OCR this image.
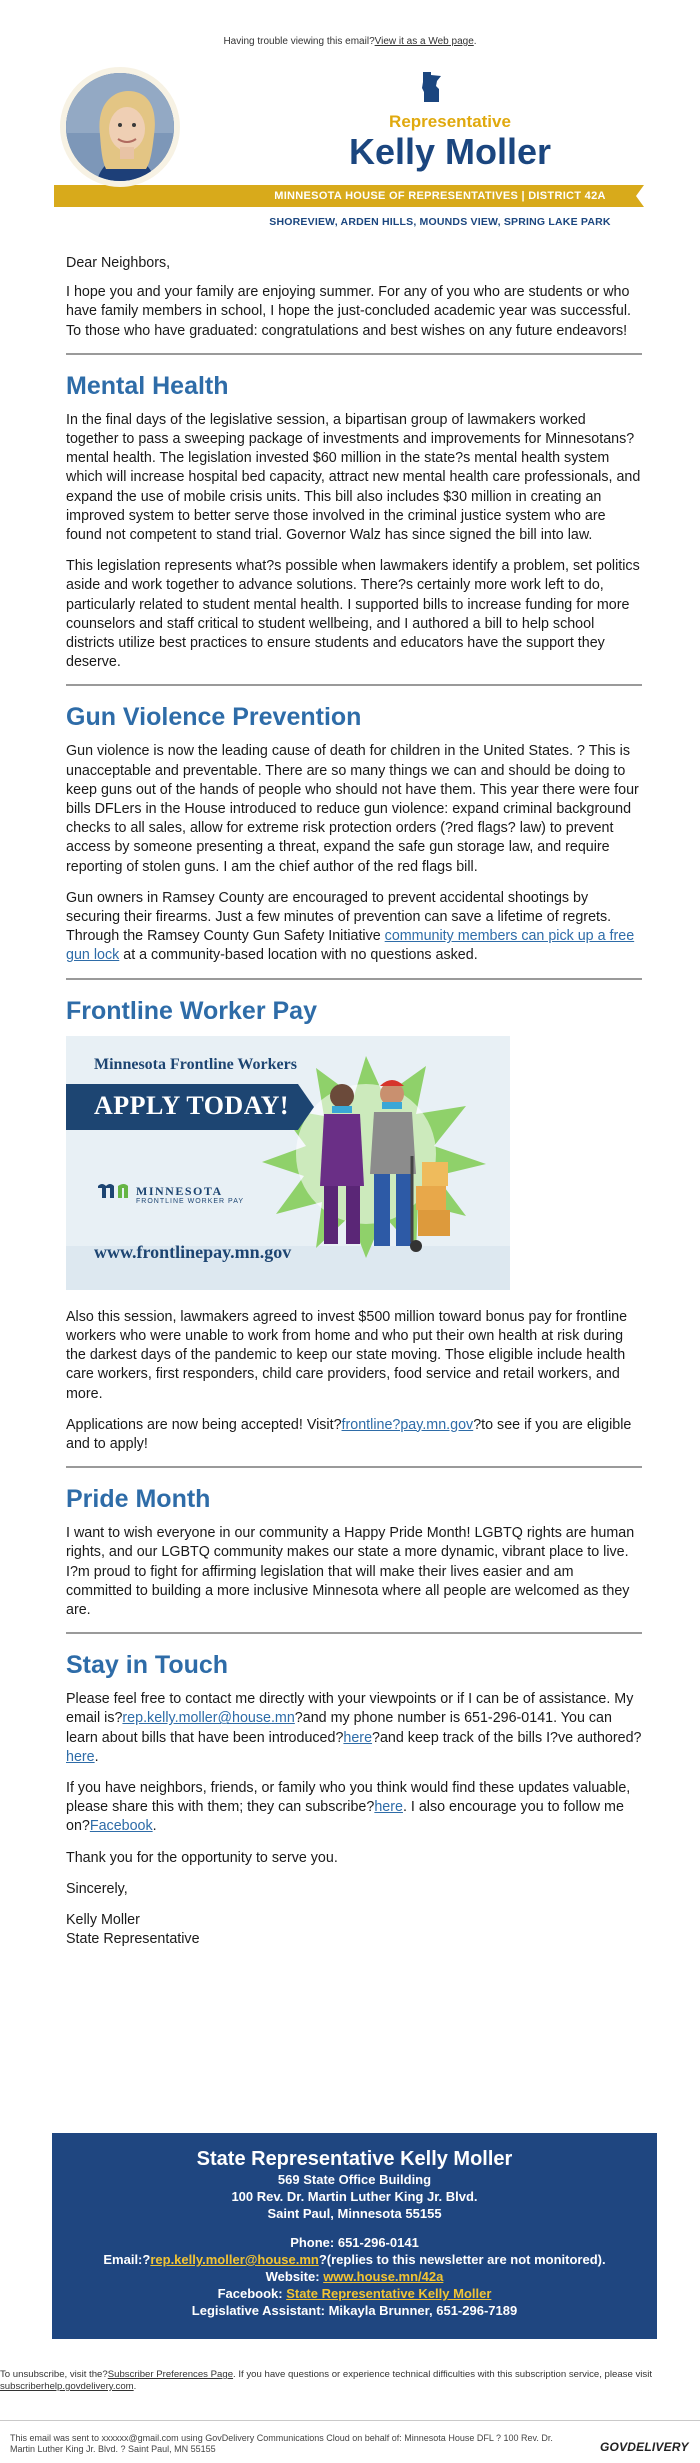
Having trouble viewing this email?View it as a Web page.
Representative
Kelly Moller
MINNESOTA HOUSE OF REPRESENTATIVES | DISTRICT 42A
SHOREVIEW, ARDEN HILLS, MOUNDS VIEW, SPRING LAKE PARK

Dear Neighbors,

I hope you and your family are enjoying summer. For any of you who are students or who have family members in school, I hope the just-concluded academic year was successful. To those who have graduated: congratulations and best wishes on any future endeavors!

Mental Health

In the final days of the legislative session, a bipartisan group of lawmakers worked together to pass a sweeping package of investments and improvements for Minnesotans? mental health. The legislation invested $60 million in the state?s mental health system which will increase hospital bed capacity, attract new mental health care professionals, and expand the use of mobile crisis units. This bill also includes $30 million in creating an improved system to better serve those involved in the criminal justice system who are found not competent to stand trial. Governor Walz has since signed the bill into law.

This legislation represents what?s possible when lawmakers identify a problem, set politics aside and work together to advance solutions. There?s certainly more work left to do, particularly related to student mental health. I supported bills to increase funding for more counselors and staff critical to student wellbeing, and I authored a bill to help school districts utilize best practices to ensure students and educators have the support they deserve.

Gun Violence Prevention

Gun violence is now the leading cause of death for children in the United States. ? This is unacceptable and preventable. There are so many things we can and should be doing to keep guns out of the hands of people who should not have them. This year there were four bills DFLers in the House introduced to reduce gun violence: expand criminal background checks to all sales, allow for extreme risk protection orders (?red flags? law) to prevent access by someone presenting a threat, expand the safe gun storage law, and require reporting of stolen guns. I am the chief author of the red flags bill.

Gun owners in Ramsey County are encouraged to prevent accidental shootings by securing their firearms. Just a few minutes of prevention can save a lifetime of regrets. Through the Ramsey County Gun Safety Initiative community members can pick up a free gun lock at a community-based location with no questions asked.

Frontline Worker Pay
Minnesota Frontline Workers
APPLY TODAY!
MINNESOTA
FRONTLINE WORKER PAY
www.frontlinepay.mn.gov

Also this session, lawmakers agreed to invest $500 million toward bonus pay for frontline workers who were unable to work from home and who put their own health at risk during the darkest days of the pandemic to keep our state moving. Those eligible include health care workers, first responders, child care providers, food service and retail workers, and more.

Applications are now being accepted! Visit?frontline?pay.mn.gov?to see if you are eligible and to apply!

Pride Month

I want to wish everyone in our community a Happy Pride Month! LGBTQ rights are human rights, and our LGBTQ community makes our state a more dynamic, vibrant place to live. I?m proud to fight for affirming legislation that will make their lives easier and am committed to building a more inclusive Minnesota where all people are welcomed as they are.

Stay in Touch

Please feel free to contact me directly with your viewpoints or if I can be of assistance. My email is?rep.kelly.moller@house.mn?and my phone number is 651-296-0141. You can learn about bills that have been introduced?here?and keep track of the bills I?ve authored?here.

If you have neighbors, friends, or family who you think would find these updates valuable, please share this with them; they can subscribe?here. I also encourage you to follow me on?Facebook.

Thank you for the opportunity to serve you.

Sincerely,

Kelly Moller
State Representative

State Representative Kelly Moller
569 State Office Building
100 Rev. Dr. Martin Luther King Jr. Blvd.
Saint Paul, Minnesota 55155
Phone: 651-296-0141
Email:?rep.kelly.moller@house.mn?(replies to this newsletter are not monitored).
Website: www.house.mn/42a
Facebook: State Representative Kelly Moller
Legislative Assistant: Mikayla Brunner, 651-296-7189
To unsubscribe, visit the?Subscriber Preferences Page. If you have questions or experience technical difficulties with this subscription service, please visit subscriberhelp.govdelivery.com.
This email was sent to xxxxxx@gmail.com using GovDelivery Communications Cloud on behalf of: Minnesota House DFL ? 100 Rev. Dr. Martin Luther King Jr. Blvd. ? Saint Paul, MN 55155	GOVDELIVERY
